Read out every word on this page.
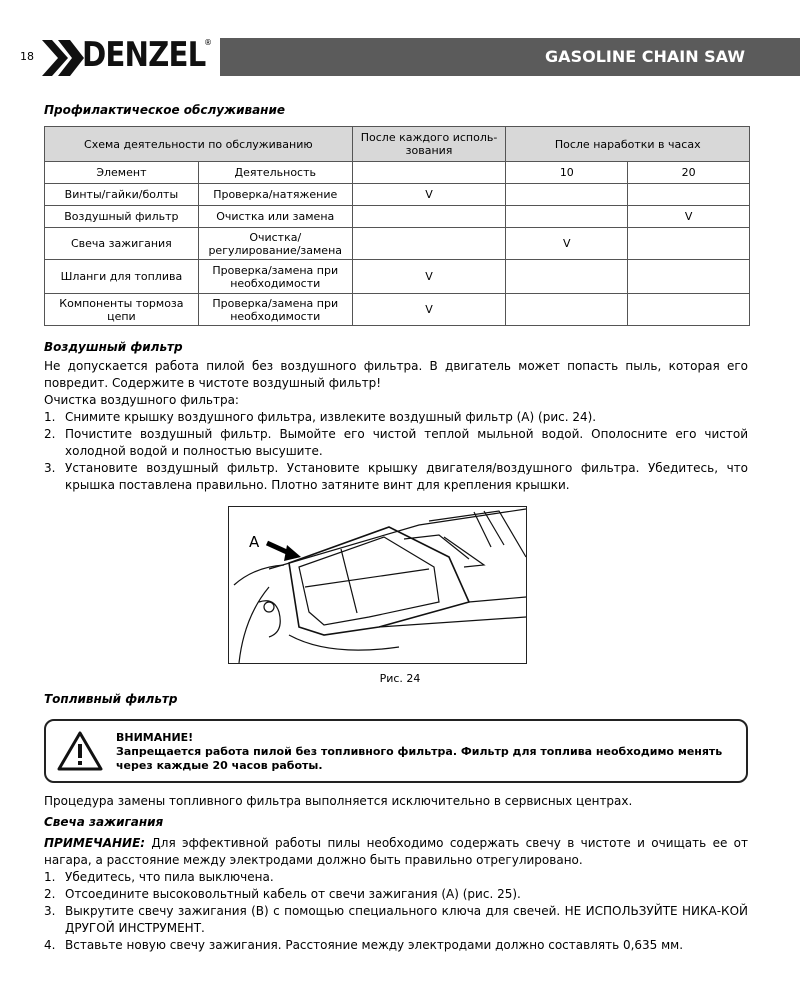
18 DENZEL
®
GASOLINE CHAIN SAW
Профилактическое обслуживание
Схема деятельности по обслуживанию		После каждого исполь-зования	После наработки в часах	
Элемент	Деятельность		10	20
Винты/гайки/болты	Проверка/натяжение	V		
Воздушный фильтр	Очистка или замена			V
Свеча зажигания	Очистка/ регулирование/замена		V	
Шланги для топлива	Проверка/замена при необходимости	V		
Компоненты тормоза цепи	Проверка/замена при необходимости	V		
Воздушный фильтр

Не допускается работа пилой без воздушного фильтра. В двигатель может попасть пыль, которая его повредит. Содержите в чистоте воздушный фильтр!

Очистка воздушного фильтра:

1. Снимите крышку воздушного фильтра, извлеките воздушный фильтр (А) (рис. 24).
2. Почистите воздушный фильтр. Вымойте его чистой теплой мыльной водой. Ополосните его чистой холодной водой и полностью высушите.
3. Установите воздушный фильтр. Установите крышку двигателя/воздушного фильтра. Убедитесь, что крышка поставлена правильно. Плотно затяните винт для крепления крышки.
A
Рис. 24
Топливный фильтр
ВНИМАНИЕ!
Запрещается работа пилой без топливного фильтра. Фильтр для топлива необходимо менять через каждые 20 часов работы.

Процедура замены топливного фильтра выполняется исключительно в сервисных центрах.

Свеча зажигания

ПРИМЕЧАНИЕ: Для эффективной работы пилы необходимо содержать свечу в чистоте и очищать ее от нагара, а расстояние между электродами должно быть правильно отрегулировано.

1. Убедитесь, что пила выключена.
2. Отсоедините высоковольтный кабель от свечи зажигания (А) (рис. 25).
3. Выкрутите свечу зажигания (В) с помощью специального ключа для свечей. НЕ ИСПОЛЬЗУЙТЕ НИКА-КОЙ ДРУГОЙ ИНСТРУМЕНТ.
4. Вставьте новую свечу зажигания. Расстояние между электродами должно составлять 0,635 мм.
